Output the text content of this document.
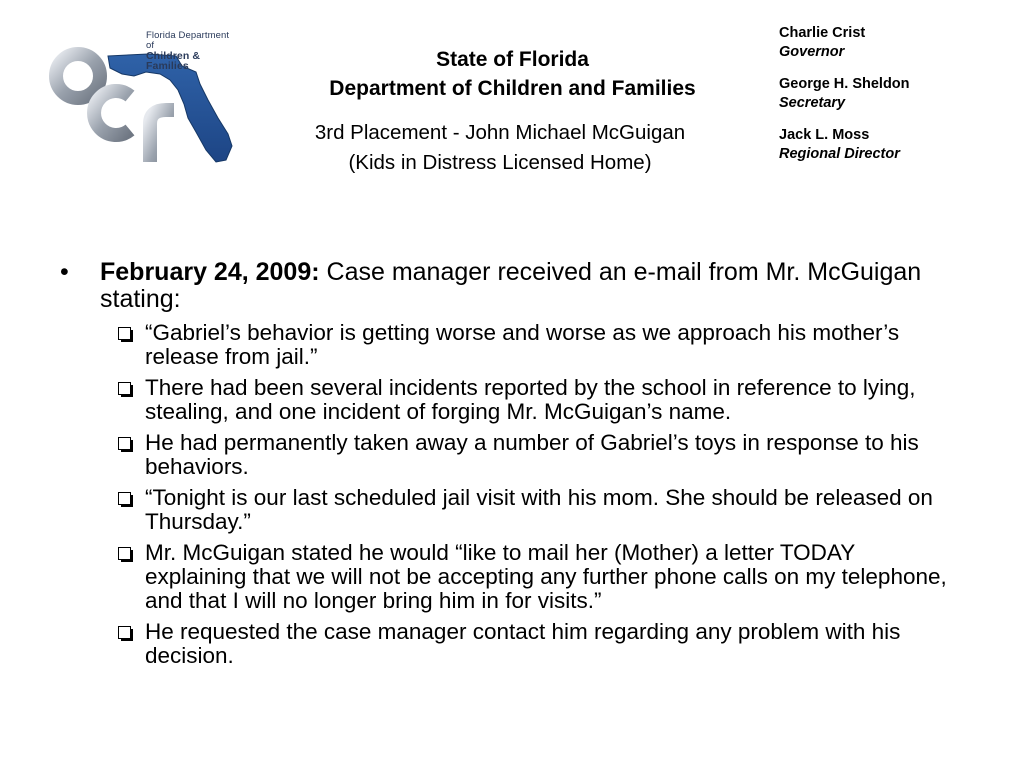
Florida Department of
Children & Families	State of Florida
Department of Children and Families
3rd Placement - John Michael McGuigan
(Kids in Distress Licensed Home)
Charlie Crist
Governor
George H. Sheldon
Secretary
Jack L. Moss
Regional Director
• February 24, 2009: Case manager received an e-mail from Mr. McGuigan stating:
“Gabriel’s behavior is getting worse and worse as we approach his mother’s release from jail.”
There had been several incidents reported by the school in reference to lying, stealing, and one incident of forging Mr. McGuigan’s name.
He had permanently taken away a number of Gabriel’s toys in response to his behaviors.
“Tonight is our last scheduled jail visit with his mom. She should be released on Thursday.”
Mr. McGuigan stated he would “like to mail her (Mother) a letter TODAY explaining that we will not be accepting any further phone calls on my telephone, and that I will no longer bring him in for visits.”
He requested the case manager contact him regarding any problem with his decision.
